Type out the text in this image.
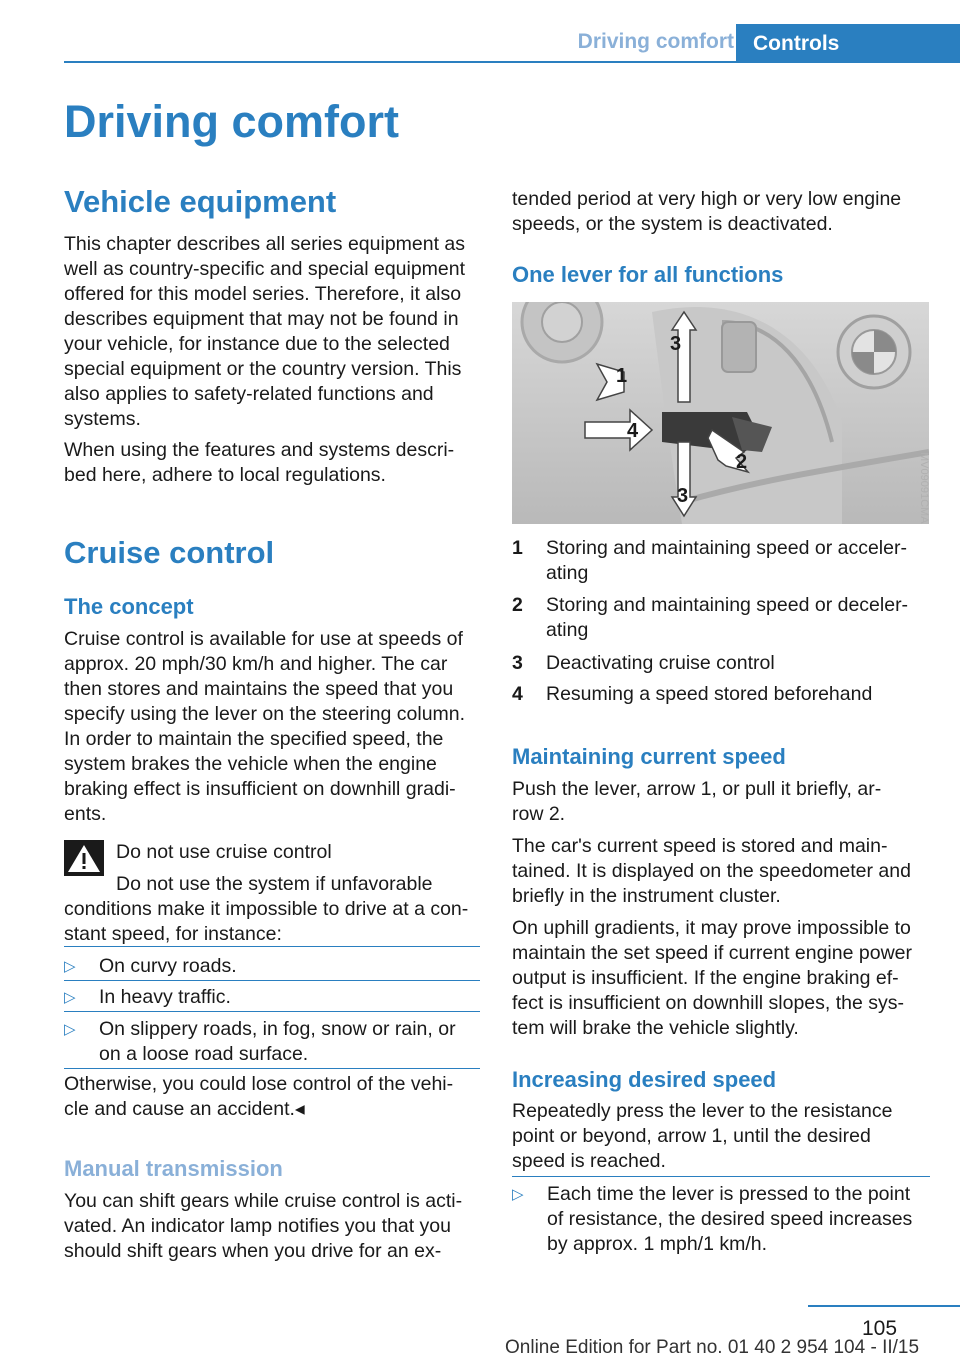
Driving comfort Controls
Driving comfort
Vehicle equipment
This chapter describes all series equipment as
well as country-specific and special equipment
offered for this model series. Therefore, it also
describes equipment that may not be found in
your vehicle, for instance due to the selected
special equipment or the country version. This
also applies to safety-related functions and
systems.
When using the features and systems descri-
bed here, adhere to local regulations.
Cruise control
The concept
Cruise control is available for use at speeds of
approx. 20 mph/30 km/h and higher. The car
then stores and maintains the speed that you
specify using the lever on the steering column.
In order to maintain the specified speed, the
system brakes the vehicle when the engine
braking effect is insufficient on downhill gradi-
ents.
Do not use cruise control
Do not use the system if unfavorable
conditions make it impossible to drive at a con-
stant speed, for instance:
▷ On curvy roads.
▷ In heavy traffic.
▷ On slippery roads, in fog, snow or rain, or
on a loose road surface.
Otherwise, you could lose control of the vehi-
cle and cause an accident.◂
Manual transmission
You can shift gears while cruise control is acti-
vated. An indicator lamp notifies you that you
should shift gears when you drive for an ex-
tended period at very high or very low engine
speeds, or the system is deactivated.
One lever for all functions
1
2
3
3
4
MV09091CMA
1 Storing and maintaining speed or acceler-
ating
2 Storing and maintaining speed or deceler-
ating
3 Deactivating cruise control
4 Resuming a speed stored beforehand
Maintaining current speed
Push the lever, arrow 1, or pull it briefly, ar-
row 2.
The car's current speed is stored and main-
tained. It is displayed on the speedometer and
briefly in the instrument cluster.
On uphill gradients, it may prove impossible to
maintain the set speed if current engine power
output is insufficient. If the engine braking ef-
fect is insufficient on downhill slopes, the sys-
tem will brake the vehicle slightly.
Increasing desired speed
Repeatedly press the lever to the resistance
point or beyond, arrow 1, until the desired
speed is reached.
▷ Each time the lever is pressed to the point
of resistance, the desired speed increases
by approx. 1 mph/1 km/h.
105
Online Edition for Part no. 01 40 2 954 104 - II/15
